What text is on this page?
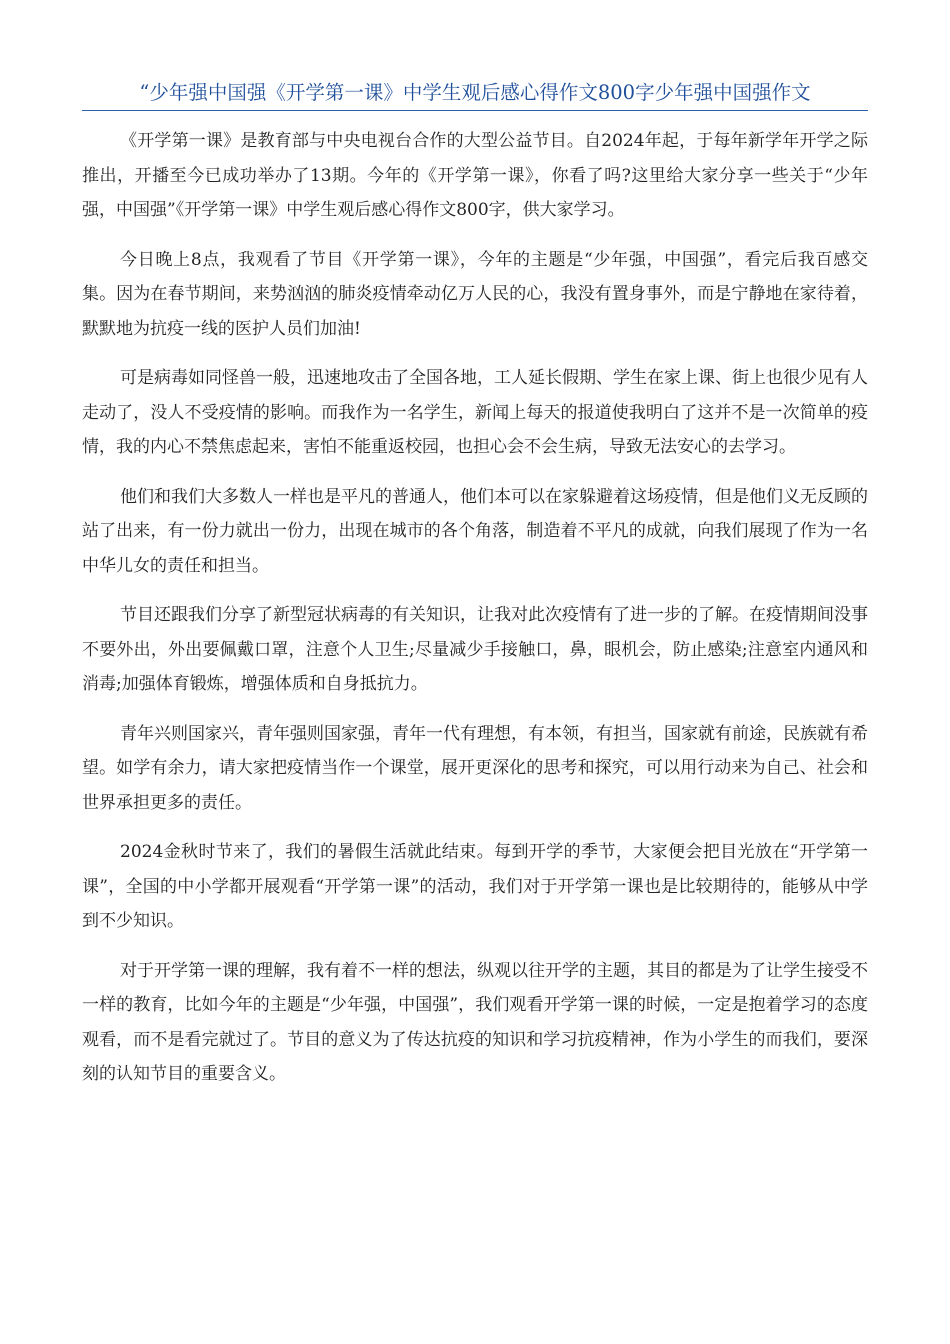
“少年强中国强《开学第一课》中学生观后感心得作文800字少年强中国强作文

《开学第一课》是教育部与中央电视台合作的大型公益节目。自2024年起，于每年新学年开学之际推出，开播至今已成功举办了13期。今年的《开学第一课》，你看了吗?这里给大家分享一些关于“少年强，中国强”《开学第一课》中学生观后感心得作文800字，供大家学习。

今日晚上8点，我观看了节目《开学第一课》，今年的主题是“少年强，中国强”，看完后我百感交集。因为在春节期间，来势汹汹的肺炎疫情牵动亿万人民的心，我没有置身事外，而是宁静地在家待着，默默地为抗疫一线的医护人员们加油!

可是病毒如同怪兽一般，迅速地攻击了全国各地，工人延长假期、学生在家上课、街上也很少见有人走动了，没人不受疫情的影响。而我作为一名学生，新闻上每天的报道使我明白了这并不是一次简单的疫情，我的内心不禁焦虑起来，害怕不能重返校园，也担心会不会生病，导致无法安心的去学习。

他们和我们大多数人一样也是平凡的普通人，他们本可以在家躲避着这场疫情，但是他们义无反顾的站了出来，有一份力就出一份力，出现在城市的各个角落，制造着不平凡的成就，向我们展现了作为一名中华儿女的责任和担当。

节目还跟我们分享了新型冠状病毒的有关知识，让我对此次疫情有了进一步的了解。在疫情期间没事不要外出，外出要佩戴口罩，注意个人卫生;尽量减少手接触口，鼻，眼机会，防止感染;注意室内通风和消毒;加强体育锻炼，增强体质和自身抵抗力。

青年兴则国家兴，青年强则国家强，青年一代有理想，有本领，有担当，国家就有前途，民族就有希望。如学有余力，请大家把疫情当作一个课堂，展开更深化的思考和探究，可以用行动来为自己、社会和世界承担更多的责任。

2024金秋时节来了，我们的暑假生活就此结束。每到开学的季节，大家便会把目光放在“开学第一课”，全国的中小学都开展观看“开学第一课”的活动，我们对于开学第一课也是比较期待的，能够从中学到不少知识。

对于开学第一课的理解，我有着不一样的想法，纵观以往开学的主题，其目的都是为了让学生接受不一样的教育，比如今年的主题是“少年强，中国强”，我们观看开学第一课的时候，一定是抱着学习的态度观看，而不是看完就过了。节目的意义为了传达抗疫的知识和学习抗疫精神，作为小学生的而我们，要深刻的认知节目的重要含义。
